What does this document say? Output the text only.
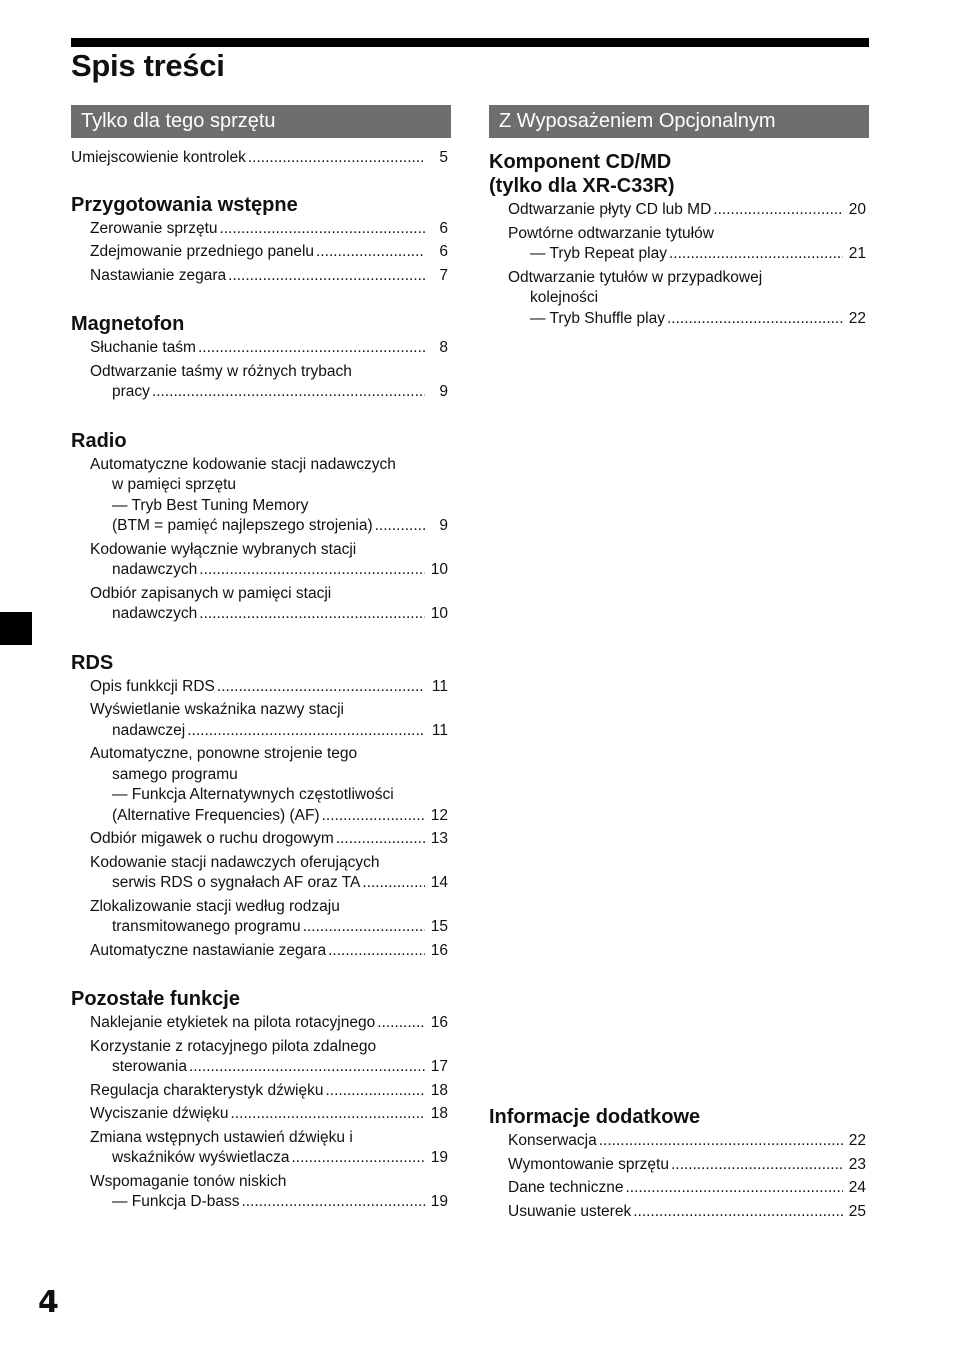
Spis treści
4
Tylko dla tego sprzętu
Umiejscowienie kontrolek .....	5
Przygotowania wstępne
Zerowanie sprzętu .....	6
Zdejmowanie przedniego panelu .....	6
Nastawianie zegara .....	7
Magnetofon
Słuchanie taśm .....	8
Odtwarzanie taśmy w różnych trybach
pracy .....	9
Radio
Automatyczne kodowanie stacji nadawczych
w pamięci sprzętu
— Tryb Best Tuning Memory
(BTM = pamięć najlepszego strojenia) .....	9
Kodowanie wyłącznie wybranych stacji
nadawczych .....	10
Odbiór zapisanych w pamięci stacji
nadawczych .....	10
RDS
Opis funkkcji RDS .....	11
Wyświetlanie wskaźnika nazwy stacji
nadawczej .....	11
Automatyczne, ponowne strojenie tego
samego programu
— Funkcja Alternatywnych częstotliwości
(Alternative Frequencies) (AF) .....	12
Odbiór migawek o ruchu drogowym .....	13
Kodowanie stacji nadawczych oferujących
serwis RDS o sygnałach AF oraz TA .....	14
Zlokalizowanie stacji według rodzaju
transmitowanego programu .....	15
Automatyczne nastawianie zegara .....	16
Pozostałe funkcje
Naklejanie etykietek na pilota rotacyjnego .....	16
Korzystanie z rotacyjnego pilota zdalnego
sterowania .....	17
Regulacja charakterystyk dźwięku .....	18
Wyciszanie dźwięku .....	18
Zmiana wstępnych ustawień dźwięku i
wskaźników wyświetlacza .....	19
Wspomaganie tonów niskich
— Funkcja D-bass .....	19
Z Wyposażeniem Opcjonalnym
Komponent CD/MD
(tylko dla XR-C33R)
Odtwarzanie płyty CD lub MD .....	20
Powtórne odtwarzanie tytułów
— Tryb Repeat play .....	21
Odtwarzanie tytułów w przypadkowej
kolejności
— Tryb Shuffle play .....	22
Informacje dodatkowe
Konserwacja .....	22
Wymontowanie sprzętu .....	23
Dane techniczne .....	24
Usuwanie usterek .....	25
